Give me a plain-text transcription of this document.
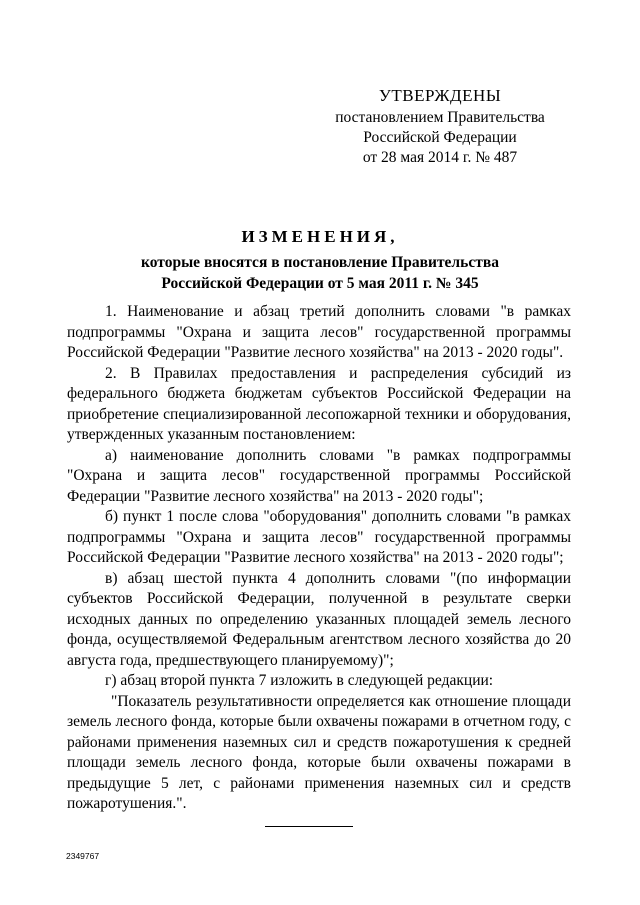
УТВЕРЖДЕНЫ
постановлением Правительства
Российской Федерации
от 28 мая 2014 г. № 487
ИЗМЕНЕНИЯ,
которые вносятся в постановление Правительства
Российской Федерации от 5 мая 2011 г. № 345

1. Наименование и абзац третий дополнить словами "в рамках подпрограммы "Охрана и защита лесов" государственной программы Российской Федерации "Развитие лесного хозяйства" на 2013 - 2020 годы".

2. В Правилах предоставления и распределения субсидий из федерального бюджета бюджетам субъектов Российской Федерации на приобретение специализированной лесопожарной техники и оборудования, утвержденных указанным постановлением:

а) наименование дополнить словами "в рамках подпрограммы "Охрана и защита лесов" государственной программы Российской Федерации "Развитие лесного хозяйства" на 2013 - 2020 годы";

б) пункт 1 после слова "оборудования" дополнить словами "в рамках подпрограммы "Охрана и защита лесов" государственной программы Российской Федерации "Развитие лесного хозяйства" на 2013 - 2020 годы";

в) абзац шестой пункта 4 дополнить словами "(по информации субъектов Российской Федерации, полученной в результате сверки исходных данных по определению указанных площадей земель лесного фонда, осуществляемой Федеральным агентством лесного хозяйства до 20 августа года, предшествующего планируемому)";

г) абзац второй пункта 7 изложить в следующей редакции:

"Показатель результативности определяется как отношение площади земель лесного фонда, которые были охвачены пожарами в отчетном году, с районами применения наземных сил и средств пожаротушения к средней площади земель лесного фонда, которые были охвачены пожарами в предыдущие 5 лет, с районами применения наземных сил и средств пожаротушения.".

2349767
